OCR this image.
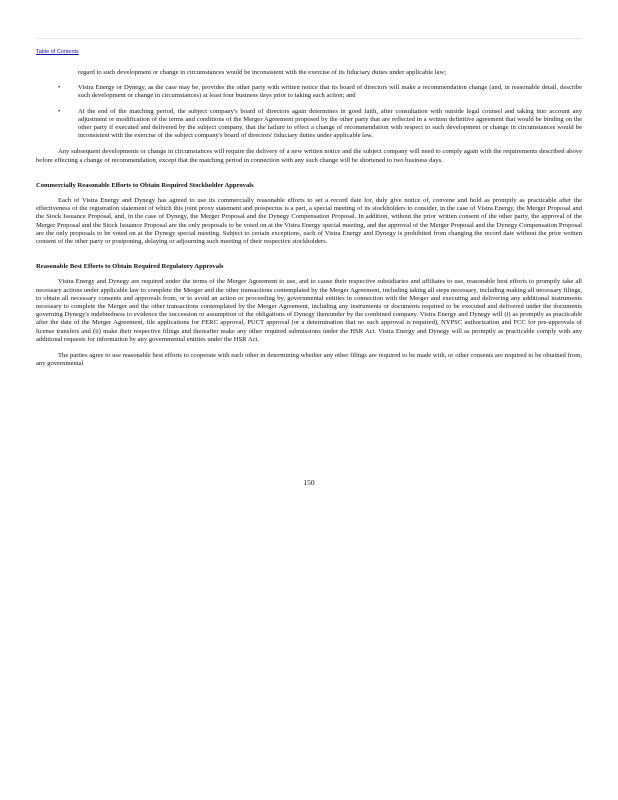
Table of Contents

regard to such development or change in circumstances would be inconsistent with the exercise of its fiduciary duties under applicable law;

•	Vistra Energy or Dynegy, as the case may be, provides the other party with written notice that its board of directors will make a recommendation change (and, in reasonable detail, describe such development or change in circumstances) at least four business days prior to taking such action; and

•	At the end of the matching period, the subject company's board of directors again determines in good faith, after consultation with outside legal counsel and taking into account any adjustment or modification of the terms and conditions of the Merger Agreement proposed by the other party that are reflected in a written definitive agreement that would be binding on the other party if executed and delivered by the subject company, that the failure to effect a change of recommendation with respect to such development or change in circumstances would be inconsistent with the exercise of the subject company's board of directors' fiduciary duties under applicable law.

Any subsequent developments or change in circumstances will require the delivery of a new written notice and the subject company will need to comply again with the requirements described above before effecting a change of recommendation, except that the matching period in connection with any such change will be shortened to two business days.

Commercially Reasonable Efforts to Obtain Required Stockholder Approvals

Each of Vistra Energy and Dynegy has agreed to use its commercially reasonable efforts to set a record date for, duly give notice of, convene and hold as promptly as practicable after the effectiveness of the registration statement of which this joint proxy statement and prospectus is a part, a special meeting of its stockholders to consider, in the case of Vistra Energy, the Merger Proposal and the Stock Issuance Proposal, and, in the case of Dynegy, the Merger Proposal and the Dynegy Compensation Proposal. In addition, without the prior written consent of the other party, the approval of the Merger Proposal and the Stock Issuance Proposal are the only proposals to be voted on at the Vistra Energy special meeting, and the approval of the Merger Proposal and the Dynegy Compensation Proposal are the only proposals to be voted on at the Dynegy special meeting. Subject to certain exceptions, each of Vistra Energy and Dynegy is prohibited from changing the record date without the prior written consent of the other party or postponing, delaying or adjourning such meeting of their respective stockholders.

Reasonable Best Efforts to Obtain Required Regulatory Approvals

Vistra Energy and Dynegy are required under the terms of the Merger Agreement to use, and to cause their respective subsidiaries and affiliates to use, reasonable best efforts to promptly take all necessary actions under applicable law to complete the Merger and the other transactions contemplated by the Merger Agreement, including taking all steps necessary, including making all necessary filings, to obtain all necessary consents and approvals from, or to avoid an action or proceeding by, governmental entities in connection with the Merger and executing and delivering any additional instruments necessary to complete the Merger and the other transactions contemplated by the Merger Agreement, including any instruments or documents required to be executed and delivered under the documents governing Dynegy's indebtedness to evidence the succession or assumption of the obligations of Dynegy thereunder by the combined company. Vistra Energy and Dynegy will (i) as promptly as practicable after the date of the Merger Agreement, file applications for FERC approval, PUCT approval (or a determination that no such approval is required), NYPSC authorization and FCC for pre-approvals of license transfers and (ii) make their respective filings and thereafter make any other required submissions under the HSR Act. Vistra Energy and Dynegy will as promptly as practicable comply with any additional requests for information by any governmental entities under the HSR Act.

The parties agree to use reasonable best efforts to cooperate with each other in determining whether any other filings are required to be made with, or other consents are required to be obtained from, any governmental

150
